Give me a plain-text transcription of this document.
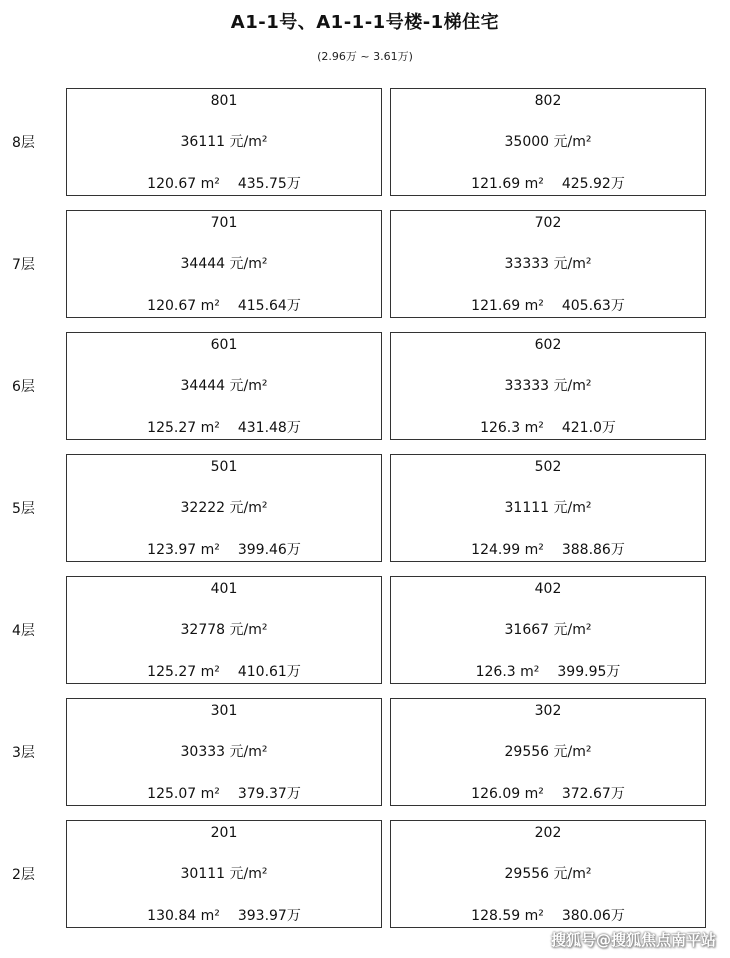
A1-1号、A1-1-1号楼-1梯住宅
(2.96万 ~ 3.61万)
8层
801
36111 元/m²
120.67 m² 435.75万
802
35000 元/m²
121.69 m² 425.92万
7层
701
34444 元/m²
120.67 m² 415.64万
702
33333 元/m²
121.69 m² 405.63万
6层
601
34444 元/m²
125.27 m² 431.48万
602
33333 元/m²
126.3 m² 421.0万
5层
501
32222 元/m²
123.97 m² 399.46万
502
31111 元/m²
124.99 m² 388.86万
4层
401
32778 元/m²
125.27 m² 410.61万
402
31667 元/m²
126.3 m² 399.95万
3层
301
30333 元/m²
125.07 m² 379.37万
302
29556 元/m²
126.09 m² 372.67万
2层
201
30111 元/m²
130.84 m² 393.97万
202
29556 元/m²
128.59 m² 380.06万
搜狐号@搜狐焦点南平站
